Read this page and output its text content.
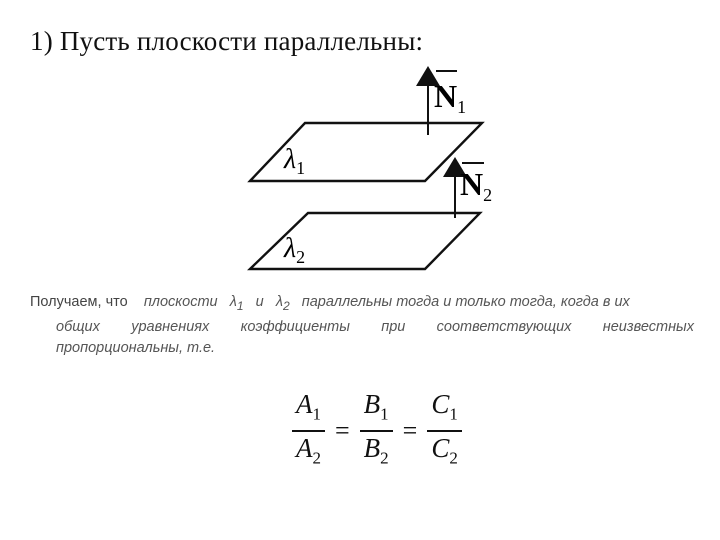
1) Пусть плоскости параллельны:
N1
$\lambda_1$	N2
$\lambda_2$
Получаем, что плоскости $\lambda_1$ и $\lambda_2$ параллельны тогда и только тогда, когда в их
общих уравнениях коэффициенты при соответствующих неизвестных
пропорциональны, т.е.
$\frac{A_1}{A_2} = \frac{B_1}{B_2} = \frac{C_1}{C_2}$
